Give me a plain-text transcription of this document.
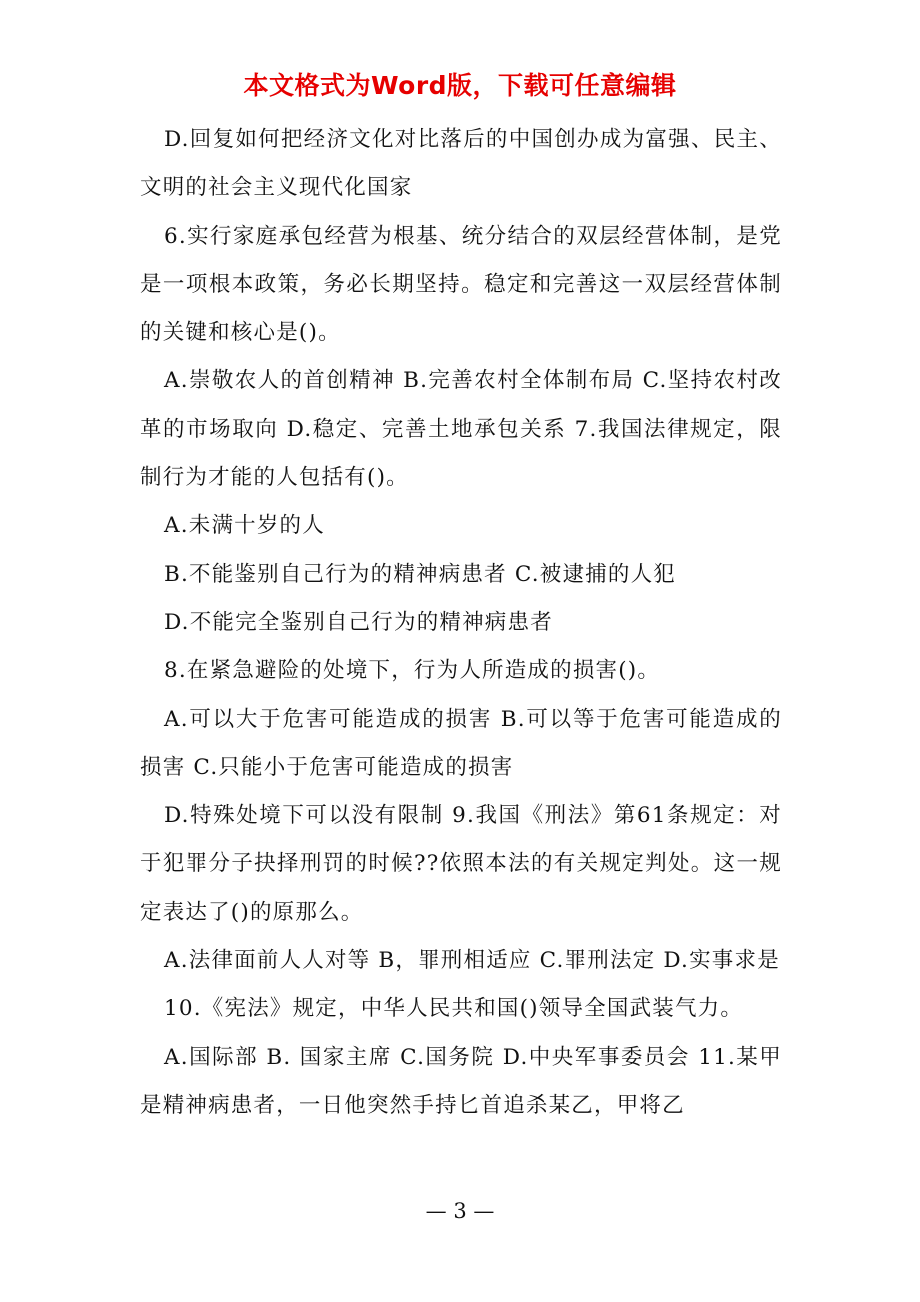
本文格式为Word版，下载可任意编辑

D.回复如何把经济文化对比落后的中国创办成为富强、民主、文明的社会主义现代化国家

6.实行家庭承包经营为根基、统分结合的双层经营体制，是党是一项根本政策，务必长期坚持。稳定和完善这一双层经营体制的关键和核心是()。

A.崇敬农人的首创精神 B.完善农村全体制布局 C.坚持农村改革的市场取向 D.稳定、完善土地承包关系 7.我国法律规定，限制行为才能的人包括有()。

A.未满十岁的人

B.不能鉴别自己行为的精神病患者 C.被逮捕的人犯

D.不能完全鉴别自己行为的精神病患者

8.在紧急避险的处境下，行为人所造成的损害()。

A.可以大于危害可能造成的损害 B.可以等于危害可能造成的损害 C.只能小于危害可能造成的损害

D.特殊处境下可以没有限制 9.我国《刑法》第61条规定：对于犯罪分子抉择刑罚的时候??依照本法的有关规定判处。这一规定表达了()的原那么。

A.法律面前人人对等 B，罪刑相适应 C.罪刑法定 D.实事求是

10.《宪法》规定，中华人民共和国()领导全国武装气力。

A.国际部 B. 国家主席 C.国务院 D.中央军事委员会 11.某甲是精神病患者，一日他突然手持匕首追杀某乙，甲将乙

— 3 —
